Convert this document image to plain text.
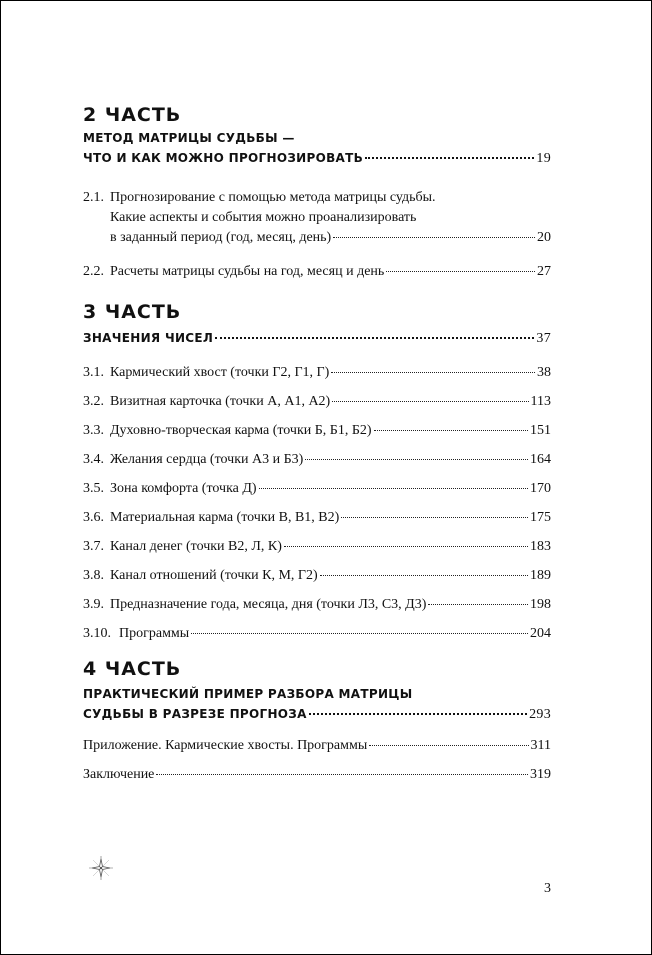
2 ЧАСТЬ
МЕТОД МАТРИЦЫ СУДЬБЫ —
ЧТО И КАК МОЖНО ПРОГНОЗИРОВАТЬ	19
2.1. Прогнозирование с помощью метода матрицы судьбы.
Какие аспекты и события можно проанализировать
в заданный период (год, месяц, день)	20
2.2. Расчеты матрицы судьбы на год, месяц и день	27
3 ЧАСТЬ
ЗНАЧЕНИЯ ЧИСЕЛ	37
3.1. Кармический хвост (точки Г2, Г1, Г)	38
3.2. Визитная карточка (точки А, А1, А2)	113
3.3. Духовно-творческая карма (точки Б, Б1, Б2)	151
3.4. Желания сердца (точки А3 и Б3)	164
3.5. Зона комфорта (точка Д)	170
3.6. Материальная карма (точки В, В1, В2)	175
3.7. Канал денег (точки В2, Л, К)	183
3.8. Канал отношений (точки К, М, Г2)	189
3.9. Предназначение года, месяца, дня (точки Л3, С3, Д3)	198
3.10. Программы	204
4 ЧАСТЬ
ПРАКТИЧЕСКИЙ ПРИМЕР РАЗБОРА МАТРИЦЫ
СУДЬБЫ В РАЗРЕЗЕ ПРОГНОЗА	293
Приложение. Кармические хвосты. Программы	311
Заключение	319
3
